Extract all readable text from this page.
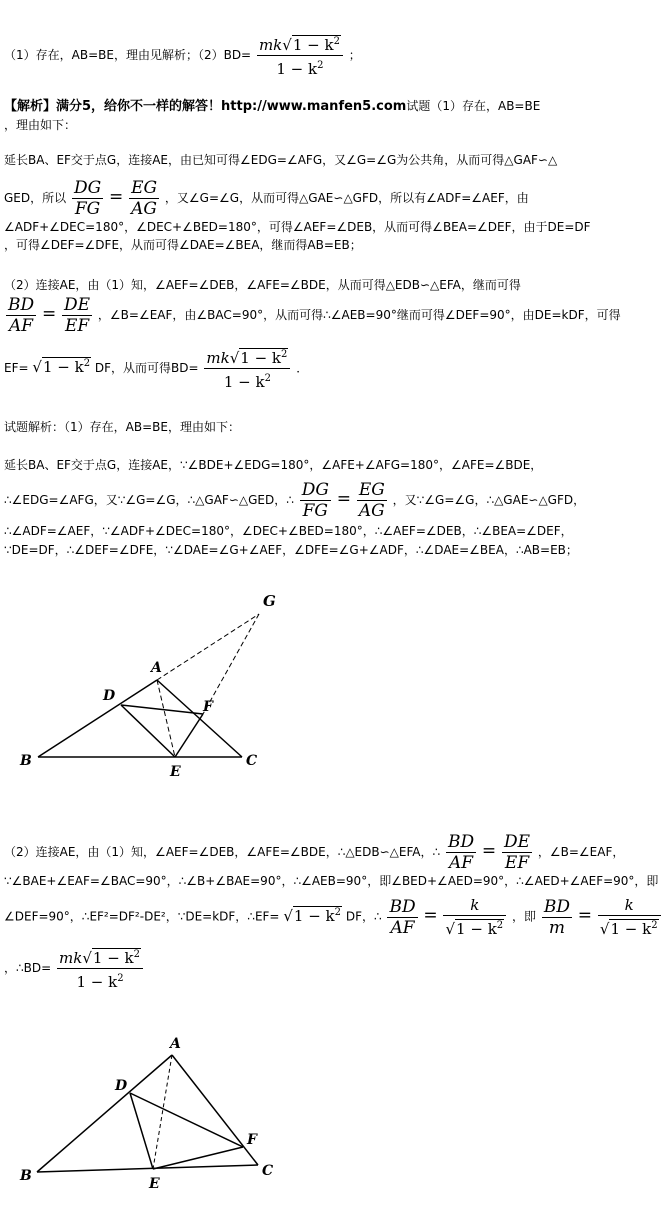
（1）存在，AB=BE，理由见解析；$(2)BD= \frac{mk√1 - k^2}{1 - k^2}$ ；
【解析】满分5，给你不一样的解答！http://www.manfen5.com试题（1）存在，AB=BE
，理由如下：
延长BA、EF交于点G，连接AE，由已知可得∠EDG=∠AFG，又∠G=∠G为公共角，从而可得△GAF∽△
GED，所以 $\frac{DG}{FG} = \frac{EG}{AG}$ ，又∠G=∠G，从而可得△GAE∽△GFD，所以有∠ADF=∠AEF，由
∠ADF+∠DEC=180°，∠DEC+∠BED=180°，可得∠AEF=∠DEB，从而可得∠BEA=∠DEF，由于DE=DF
，可得∠DEF=∠DFE，从而可得∠DAE=∠BEA，继而得AB=EB；
（2）连接AE，由（1）知，∠AEF=∠DEB，∠AFE=∠BDE，从而可得△EDB∽△EFA，继而可得
$\frac{BD}{AF} = \frac{DE}{EF}$ ，∠B=∠EAF，由∠BAC=90°，从而可得∴∠AEB=90°继而可得∠DEF=90°，由DE=kDF，可得
$EF= √1 - k^2$ DF，从而可得$BD= \frac{mk√1 - k^2}{1 - k^2}$ ．
试题解析：（1）存在，AB=BE，理由如下：
延长BA、EF交于点G，连接AE，∵∠BDE+∠EDG=180°，∠AFE+∠AFG=180°，∠AFE=∠BDE，
∴∠EDG=∠AFG，又∵∠G=∠G，∴△GAF∽△GED，∴ $\frac{DG}{FG} = \frac{EG}{AG}$ ，又∵∠G=∠G，∴△GAE∽△GFD，
∴∠ADF=∠AEF，∵∠ADF+∠DEC=180°，∠DEC+∠BED=180°，∴∠AEF=∠DEB，∴∠BEA=∠DEF，
∵DE=DF，∴∠DEF=∠DFE，∵∠DAE=∠G+∠AEF，∠DFE=∠G+∠ADF，∴∠DAE=∠BEA，∴AB=EB；
G
A
D
F
B
E
C
（2）连接AE，由（1）知，∠AEF=∠DEB，∠AFE=∠BDE，∴△EDB∽△EFA，∴ $\frac{BD}{AF} = \frac{DE}{EF}$ ，∠B=∠EAF，
∵∠BAE+∠EAF=∠BAC=90°，∴∠B+∠BAE=90°，∴∠AEB=90°，即∠BED+∠AED=90°，∴∠AED+∠AEF=90°，即
∠DEF=90°，∴EF²=DF²-DE²，∵DE=kDF，∴EF= $√1 - k^2$ DF，∴ $\frac{BD}{AF} = \frac{k}{√1 - k^2}$ ，即 $\frac{BD}{m} = \frac{k}{√1 - k^2}$
，∴BD= $\frac{mk√1 - k^2}{1 - k^2}$
A
D
F
B	E
C
